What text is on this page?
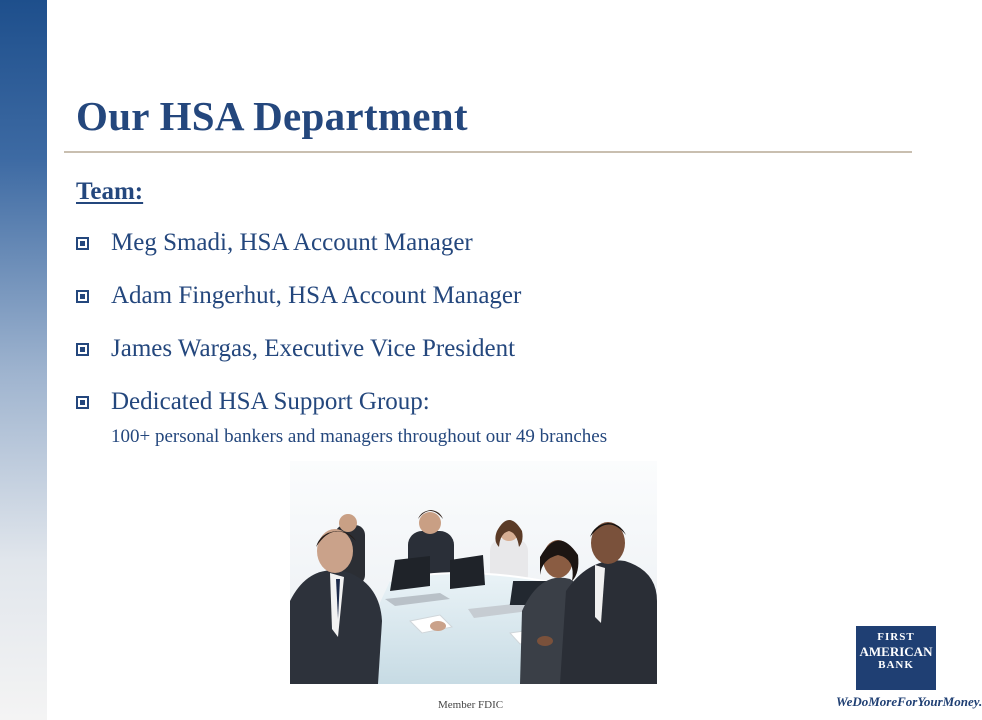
Our HSA Department
Team:
Meg Smadi, HSA Account Manager
Adam Fingerhut, HSA Account Manager
James Wargas, Executive Vice President
Dedicated HSA Support Group:
100+ personal bankers and managers throughout our 49 branches
Member FDIC
FIRST
AMERICAN
BANK
WeDoMoreForYourMoney.
